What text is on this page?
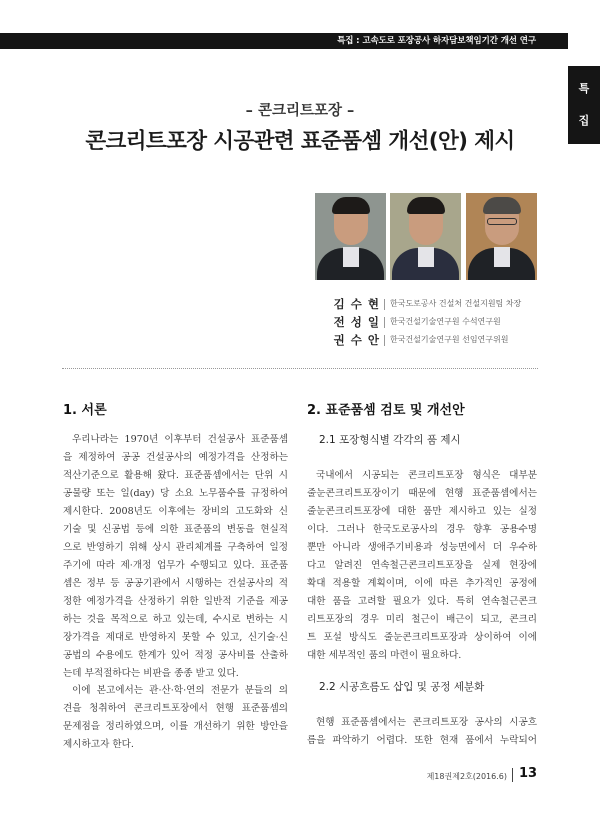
특집 : 고속도로 포장공사 하자담보책임기간 개선 연구
특
집
– 콘크리트포장 –
콘크리트포장 시공관련 표준품셈 개선(안) 제시
김 수 현 한국도로공사 건설처 건설지원팀 차장
전 성 일 한국건설기술연구원 수석연구원
권 수 안 한국건설기술연구원 선임연구위원
1. 서론	2. 표준품셈 검토 및 개선안
2.1 포장형식별 각각의 품 제시
2.2 시공흐름도 삽입 및 공정 세분화
우리나라는 1970년 이후부터 건설공사 표준품셈
을 제정하여 공공 건설공사의 예정가격을 산정하는
적산기준으로 활용해 왔다. 표준품셈에서는 단위 시
공물량 또는 일(day) 당 소요 노무품수를 규정하여
제시한다. 2008년도 이후에는 장비의 고도화와 신
기술 및 신공법 등에 의한 표준품의 변동을 현실적
으로 반영하기 위해 상시 관리체계를 구축하여 일정
주기에 따라 제·개정 업무가 수행되고 있다. 표준품
셈은 정부 등 공공기관에서 시행하는 건설공사의 적
정한 예정가격을 산정하기 위한 일반적 기준을 제공
하는 것을 목적으로 하고 있는데, 수시로 변하는 시
장가격을 제대로 반영하지 못할 수 있고, 신기술·신
공법의 수용에도 한계가 있어 적정 공사비를 산출하
는데 부적절하다는 비판을 종종 받고 있다.
이에 본고에서는 관·산·학·연의 전문가 분들의 의
견을 청취하여 콘크리트포장에서 현행 표준품셈의
문제점을 정리하였으며, 이를 개선하기 위한 방안을
제시하고자 한다.
국내에서 시공되는 콘크리트포장 형식은 대부분
줄눈콘크리트포장이기 때문에 현행 표준품셈에서는
줄눈콘크리트포장에 대한 품만 제시하고 있는 실정
이다. 그러나 한국도로공사의 경우 향후 공용수명
뿐만 아니라 생애주기비용과 성능면에서 더 우수하
다고 알려진 연속철근콘크리트포장을 실제 현장에
확대 적용할 계획이며, 이에 따른 추가적인 공정에
대한 품을 고려할 필요가 있다. 특히 연속철근콘크
리트포장의 경우 미리 철근이 배근이 되고, 콘크리
트 포설 방식도 줄눈콘크리트포장과 상이하여 이에
대한 세부적인 품의 마련이 필요하다.
현행 표준품셈에서는 콘크리트포장 공사의 시공흐
름을 파악하기 어렵다. 또한 현재 품에서 누락되어
제18권제2호(2016.6) 13
